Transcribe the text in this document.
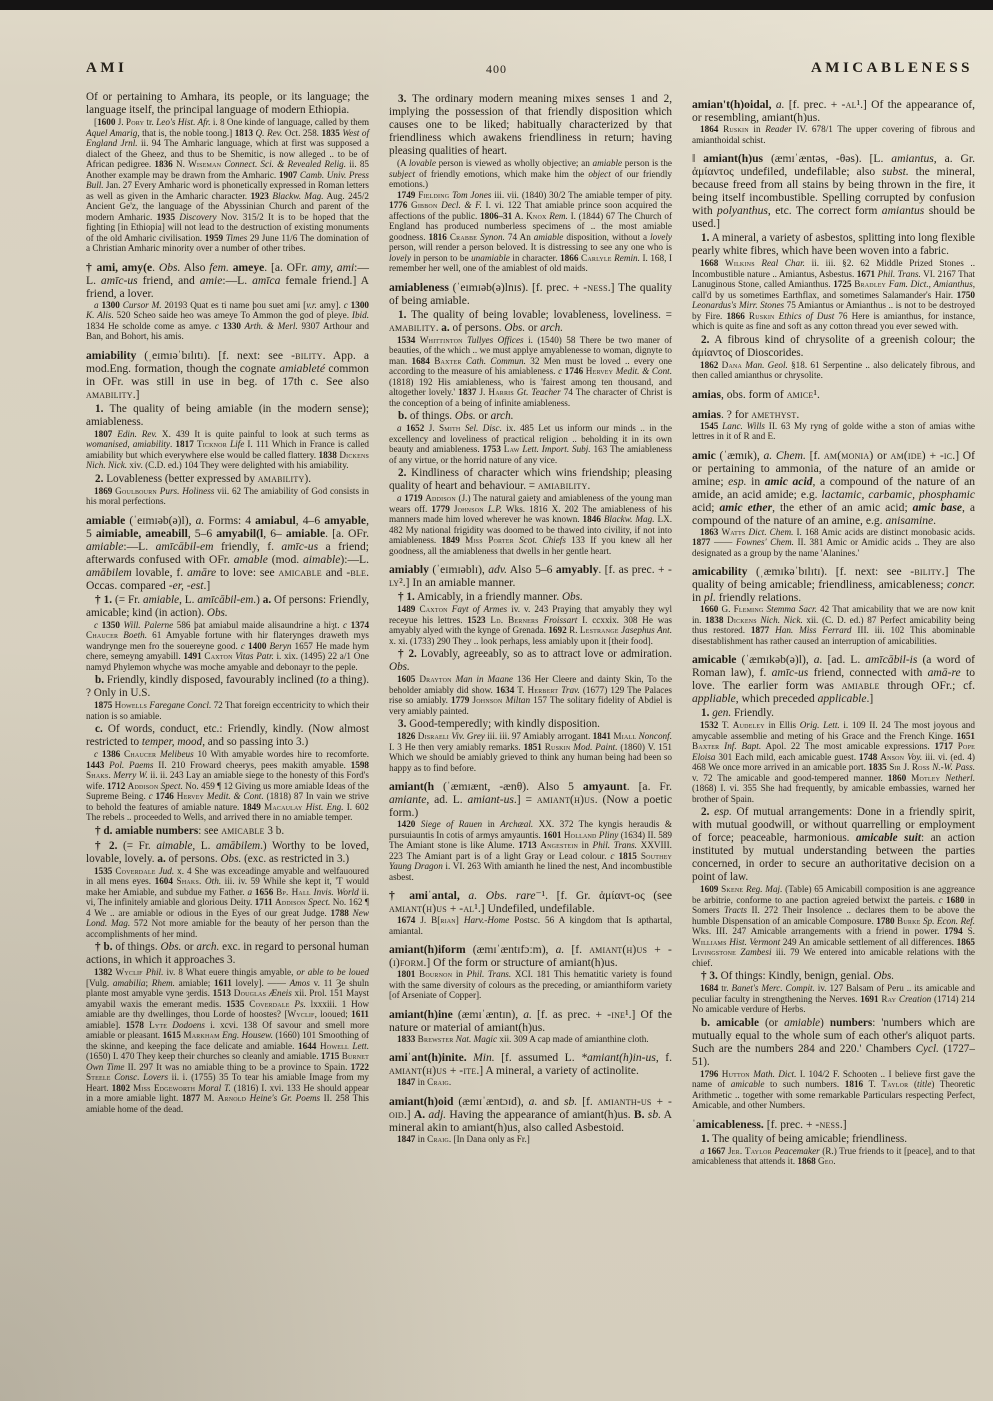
AMI	400	AMICABLENESS

Of or pertaining to Amhara, its people, or its language; the language itself, the principal language of modern Ethiopia.

[1600 J. Pory tr. Leo's Hist. Afr. i. 8 One kinde of language, called by them Aquel Amarig, that is, the noble toong.] 1813 Q. Rev. Oct. 258. 1835 West of England Jrnl. ii. 94 The Amharic language, which at first was supposed a dialect of the Gheez, and thus to be Shemitic, is now alleged .. to be of African pedigree. 1836 N. Wiseman Connect. Sci. & Revealed Relig. ii. 85 Another example may be drawn from the Amharic. 1907 Camb. Univ. Press Bull. Jan. 27 Every Amharic word is phonetically expressed in Roman letters as well as given in the Amharic character. 1923 Blackw. Mag. Aug. 245/2 Ancient Ge'z, the language of the Abyssinian Church and parent of the modern Amharic. 1935 Discovery Nov. 315/2 It is to be hoped that the fighting [in Ethiopia] will not lead to the destruction of existing monuments of the old Amharic civilisation. 1959 Times 29 June 11/6 The domination of a Christian Amharic minority over a number of other tribes.

† ami, amy(e. Obs. Also fem. ameye. [a. OFr. amy, ami:—L. amīc-us friend, and amie:—L. amīca female friend.] A friend, a lover.

a 1300 Cursor M. 20193 Quat es ti name þou suet ami [v.r. amy]. c 1300 K. Alis. 520 Scheo saide heo was ameye To Ammon the god of pleye. Ibid. 1834 He scholde come as amye. c 1330 Arth. & Merl. 9307 Arthour and Ban, and Bohort, his amis.

amiability (ˌeɪmɪəˈbɪlɪtɪ). [f. next: see -bility. App. a mod.Eng. formation, though the cognate amiableté common in OFr. was still in use in beg. of 17th c. See also amability.]

1. The quality of being amiable (in the modern sense); amiableness.

1807 Edin. Rev. X. 439 It is quite painful to look at such terms as womanised, amiability. 1817 Ticknor Life I. 111 Which in France is called amiability but which everywhere else would be called flattery. 1838 Dickens Nich. Nick. xiv. (C.D. ed.) 104 They were delighted with his amiability.

2. Lovableness (better expressed by amability).

1869 Goulbourn Purs. Holiness vii. 62 The amiability of God consists in his moral perfections.

amiable (ˈeɪmɪəb(ə)l), a. Forms: 4 amiabul, 4–6 amyable, 5 aimiable, ameabill, 5–6 amyabil(l, 6– amiable. [a. OFr. amiable:—L. amīcābil-em friendly, f. amīc-us a friend; afterwards confused with OFr. amable (mod. aimable):—L. amābilem lovable, f. amāre to love: see amicable and -ble. Occas. compared -er, -est.]

† 1. (= Fr. amiable, L. amīcābil-em.) a. Of persons: Friendly, amicable; kind (in action). Obs.

c 1350 Will. Palerne 586 þat amiabul maide alisaundrine a hiȝt. c 1374 Chaucer Boeth. 61 Amyable fortune with hir flaterynges draweth mys wandrynge men fro the souereyne good. c 1400 Beryn 1657 He made hym chere, semeyng amyabill. 1491 Caxton Vitas Patr. i. xix. (1495) 22 a/1 One namyd Phylemon whyche was moche amyable and debonayr to the peple.

b. Friendly, kindly disposed, favourably inclined (to a thing). ? Only in U.S.

1875 Howells Faregane Concl. 72 That foreign eccentricity to which their nation is so amiable.

c. Of words, conduct, etc.: Friendly, kindly. (Now almost restricted to temper, mood, and so passing into 3.)

c 1386 Chaucer Melibeus 10 With amyable wordes hire to recomforte. 1443 Pol. Paems II. 210 Froward cheerys, pees makith amyable. 1598 Shaks. Merry W. ii. ii. 243 Lay an amiable siege to the honesty of this Ford's wife. 1712 Addison Spect. No. 459 ¶ 12 Giving us more amiable Ideas of the Supreme Being. c 1746 Hervey Medit. & Cont. (1818) 87 In vain we strive to behold the features of amiable nature. 1849 Macaulay Hist. Eng. I. 602 The rebels .. proceeded to Wells, and arrived there in no amiable temper.

† d. amiable numbers: see amicable 3 b.

† 2. (= Fr. aimable, L. amābilem.) Worthy to be loved, lovable, lovely. a. of persons. Obs. (exc. as restricted in 3.)

1535 Coverdale Jud. x. 4 She was exceadinge amyable and welfauoured in all mens eyes. 1604 Shaks. Oth. iii. iv. 59 While she kept it, 'T would make her Amiable, and subdue my Father. a 1656 Bp. Hall Invis. World ii. vi, The infinitely amiable and glorious Deity. 1711 Addison Spect. No. 162 ¶ 4 We .. are amiable or odious in the Eyes of our great Judge. 1788 New Lond. Mag. 572 Not more amiable for the beauty of her person than the accomplishments of her mind.

† b. of things. Obs. or arch. exc. in regard to personal human actions, in which it approaches 3.

1382 Wyclif Phil. iv. 8 What euere thingis amyable, or able to be loued [Vulg. amabilia; Rhem. amiable; 1611 lovely]. —— Amos v. 11 Ȝe shuln plante most amyable vyne ȝerdis. 1513 Douglas Æneis xii. Prol. 151 Mayst amyabil waxis the emerant medis. 1535 Coverdale Ps. lxxxiii. 1 How amiable are thy dwellinges, thou Lorde of hoostes? [Wyclif, looued; 1611 amiable]. 1578 Lyte Dodoens i. xcvi. 138 Of savour and smell more amiable or pleasant. 1615 Markham Eng. Housew. (1660) 101 Smoothing of the skinne, and keeping the face delicate and amiable. 1644 Howell Lett. (1650) I. 470 They keep their churches so cleanly and amiable. 1715 Burnet Own Time II. 297 It was no amiable thing to be a province to Spain. 1722 Steele Consc. Lovers ii. i. (1755) 35 To tear his amiable Image from my Heart. 1802 Miss Edgeworth Moral T. (1816) I. xvi. 133 He should appear in a more amiable light. 1877 M. Arnold Heine's Gr. Poems II. 258 This amiable home of the dead.

3. The ordinary modern meaning mixes senses 1 and 2, implying the possession of that friendly disposition which causes one to be liked; habitually characterized by that friendliness which awakens friendliness in return; having pleasing qualities of heart.

(A lovable person is viewed as wholly objective; an amiable person is the subject of friendly emotions, which make him the object of our friendly emotions.)

1749 Fielding Tom Jones iii. vii. (1840) 30/2 The amiable temper of pity. 1776 Gibbon Decl. & F. I. vi. 122 That amiable prince soon acquired the affections of the public. 1806–31 A. Knox Rem. I. (1844) 67 The Church of England has produced numberless specimens of .. the most amiable goodness. 1816 Crabbe Synon. 74 An amiable disposition, without a lovely person, will render a person beloved. It is distressing to see any one who is lovely in person to be unamiable in character. 1866 Carlyle Remin. I. 168, I remember her well, one of the amiablest of old maids.

amiableness (ˈeɪmɪəb(ə)lnɪs). [f. prec. + -ness.] The quality of being amiable.

1. The quality of being lovable; lovableness, loveliness. = amability. a. of persons. Obs. or arch.

1534 Whittinton Tullyes Offices i. (1540) 58 There be two maner of beauties, of the which .. we must applye amyablenesse to woman, dignyte to man. 1684 Baxter Cath. Commun. 32 Men must be loved .. every one according to the measure of his amiableness. c 1746 Hervey Medit. & Cont. (1818) 192 His amiableness, who is 'fairest among ten thousand, and altogether lovely.' 1837 J. Harris Gt. Teacher 74 The character of Christ is the conception of a being of infinite amiableness.

b. of things. Obs. or arch.

a 1652 J. Smith Sel. Disc. ix. 485 Let us inform our minds .. in the excellency and loveliness of practical religion .. beholding it in its own beauty and amiableness. 1753 Law Lett. Import. Subj. 163 The amiableness of any virtue, or the horrid nature of any vice.

2. Kindliness of character which wins friendship; pleasing quality of heart and behaviour. = amiability.

a 1719 Addison (J.) The natural gaiety and amiableness of the young man wears off. 1779 Johnson L.P. Wks. 1816 X. 202 The amiableness of his manners made him loved wherever he was known. 1846 Blackw. Mag. LX. 482 My national frigidity was doomed to be thawed into civility, if not into amiableness. 1849 Miss Porter Scot. Chiefs 133 If you knew all her goodness, all the amiableness that dwells in her gentle heart.

amiably (ˈeɪmɪəblɪ), adv. Also 5–6 amyably. [f. as prec. + -ly².] In an amiable manner.

† 1. Amicably, in a friendly manner. Obs.

1489 Caxton Fayt of Armes iv. v. 243 Praying that amyably they wyl receyue his lettres. 1523 Ld. Berners Froissart I. ccxxix. 308 He was amyably alyed with the kynge of Grenada. 1692 R. Lestrange Jasephus Ant. x. xi. (1733) 290 They .. look perhaps, less amiably upon it [their food].

† 2. Lovably, agreeably, so as to attract love or admiration. Obs.

1605 Drayton Man in Maane 136 Her Cleere and dainty Skin, To the beholder amiably did show. 1634 T. Herbert Trav. (1677) 129 The Palaces rise so amiably. 1779 Johnson Miltan 157 The solitary fidelity of Abdiel is very amiably painted.

3. Good-temperedly; with kindly disposition.

1826 Disraeli Viv. Grey iii. iii. 97 Amiably arrogant. 1841 Miall Nonconf. I. 3 He then very amiably remarks. 1851 Ruskin Mod. Paint. (1860) V. 151 Which we should be amiably grieved to think any human being had been so happy as to find before.

amiant(h (ˈæmɪænt, -ænθ). Also 5 amyaunt. [a. Fr. amiante, ad. L. amiant-us.] = amiant(h)us. (Now a poetic form.)

1420 Siege of Rauen in Archæal. XX. 372 The kyngis heraudis & pursuiauntis In cotis of armys amyauntis. 1601 Holland Pliny (1634) II. 589 The Amiant stone is like Alume. 1713 Angestein in Phil. Trans. XXVIII. 223 The Amiant part is of a light Gray or Lead colour. c 1815 Southey Yaung Dragon i. VI. 263 With amianth he lined the nest, And incombustible asbest.

† amiˈantal, a. Obs. rare⁻¹. [f. Gr. ἀμίαντ-ος (see amiant(h)us + -al¹.] Undefiled, undefilable.

1674 J. B[rian] Harv.-Home Postsc. 56 A kingdom that Is apthartal, amiantal.

amiant(h)iform (æmɪˈæntɪfɔːm), a. [f. amiant(h)us + -(i)form.] Of the form or structure of amiant(h)us.

1801 Bournon in Phil. Trans. XCI. 181 This hematitic variety is found with the same diversity of colours as the preceding, or amianthiform variety [of Arseniate of Copper].

amiant(h)ine (æmɪˈæntɪn), a. [f. as prec. + -ine¹.] Of the nature or material of amiant(h)us.

1833 Brewster Nat. Magic xii. 309 A cap made of amianthine cloth.

amiˈant(h)inite. Min. [f. assumed L. *amiant(h)in-us, f. amiant(h)us + -ite.] A mineral, a variety of actinolite.

1847 in Craig.

amiant(h)oid (æmɪˈæntɔɪd), a. and sb. [f. amianth-us + -oid.] A. adj. Having the appearance of amiant(h)us. B. sb. A mineral akin to amiant(h)us, also called Asbestoid.

1847 in Craig. [In Dana only as Fr.]

amian't(h)oidal, a. [f. prec. + -al¹.] Of the appearance of, or resembling, amiant(h)us.

1864 Ruskin in Reader IV. 678/1 The upper covering of fibrous and amianthoidal schist.

‖ amiant(h)us (æmɪˈæntəs, -θəs). [L. amiantus, a. Gr. ἀμίαντος undefiled, undefilable; also subst. the mineral, because freed from all stains by being thrown in the fire, it being itself incombustible. Spelling corrupted by confusion with polyanthus, etc. The correct form amiantus should be used.]

1. A mineral, a variety of asbestos, splitting into long flexible pearly white fibres, which have been woven into a fabric.

1668 Wilkins Real Char. ii. iii. §2. 62 Middle Prized Stones .. Incombustible nature .. Amiantus, Asbestus. 1671 Phil. Trans. VI. 2167 That Lanuginous Stone, called Amianthus. 1725 Bradley Fam. Dict., Amianthus, call'd by us sometimes Earthflax, and sometimes Salamander's Hair. 1750 Leonardus's Mirr. Stones 75 Amiantus or Amianthus .. is not to be destroyed by Fire. 1866 Ruskin Ethics of Dust 76 Here is amianthus, for instance, which is quite as fine and soft as any cotton thread you ever sewed with.

2. A fibrous kind of chrysolite of a greenish colour; the ἀμίαντος of Dioscorides.

1862 Dana Man. Geol. §18. 61 Serpentine .. also delicately fibrous, and then called amianthus or chrysolite.

amias, obs. form of amice¹.

amias. ? for amethyst.

1545 Lanc. Wills II. 63 My ryng of golde withe a ston of amias withe lettres in it of R and E.

amic (ˈæmɪk), a. Chem. [f. am(monia) or am(ide) + -ic.] Of or pertaining to ammonia, of the nature of an amide or amine; esp. in amic acid, a compound of the nature of an amide, an acid amide; e.g. lactamic, carbamic, phosphamic acid; amic ether, the ether of an amic acid; amic base, a compound of the nature of an amine, e.g. anisamine.

1863 Watts Dict. Chem. I. 168 Amic acids are distinct monobasic acids. 1877 —— Fownes' Chem. II. 381 Amic or Amidic acids .. They are also designated as a group by the name 'Alanines.'

amicability (ˌæmɪkəˈbɪlɪtɪ). [f. next: see -bility.] The quality of being amicable; friendliness, amicableness; concr. in pl. friendly relations.

1660 G. Fleming Stemma Sacr. 42 That amicability that we are now knit in. 1838 Dickens Nich. Nick. xii. (C. D. ed.) 87 Perfect amicability being thus restored. 1877 Han. Miss Ferrard III. iii. 102 This abominable disestablishment has rather caused an interruption of amicabilities.

amicable (ˈæmɪkəb(ə)l), a. [ad. L. amīcābil-is (a word of Roman law), f. amīc-us friend, connected with amā-re to love. The earlier form was amiable through OFr.; cf. appliable, which preceded applicable.]

1. gen. Friendly.

1532 T. Audeley in Ellis Orig. Lett. i. 109 II. 24 The most joyous and amycable assemblie and meting of his Grace and the French Kinge. 1651 Baxter Inf. Bapt. Apol. 22 The most amicable expressions. 1717 Pope Eloisa 301 Each mild, each amicable guest. 1748 Anson Voy. iii. vi. (ed. 4) 468 We once more arrived in an amicable port. 1835 Sir J. Ross N.-W. Pass. v. 72 The amicable and good-tempered manner. 1860 Motley Netherl. (1868) I. vi. 355 She had frequently, by amicable embassies, warned her brother of Spain.

2. esp. Of mutual arrangements: Done in a friendly spirit, with mutual goodwill, or without quarrelling or employment of force; peaceable, harmonious. amicable suit: an action instituted by mutual understanding between the parties concerned, in order to secure an authoritative decision on a point of law.

1609 Skene Reg. Maj. (Table) 65 Amicabill composition is ane aggreance be arbitrie, conforme to ane paction agreied betwixt the parteis. c 1680 in Somers Tracts II. 272 Their Insolence .. declares them to be above the humble Dispensation of an amicable Composure. 1780 Burke Sp. Econ. Ref. Wks. III. 247 Amicable arrangements with a friend in power. 1794 S. Williams Hist. Vermont 249 An amicable settlement of all differences. 1865 Livingstone Zambesi iii. 79 We entered into amicable relations with the chief.

† 3. Of things: Kindly, benign, genial. Obs.

1684 tr. Banet's Merc. Compit. iv. 127 Balsam of Peru .. its amicable and peculiar faculty in strengthening the Nerves. 1691 Ray Creation (1714) 214 No amicable verdure of Herbs.

b. amicable (or amiable) numbers: 'numbers which are mutually equal to the whole sum of each other's aliquot parts. Such are the numbers 284 and 220.' Chambers Cycl. (1727–51).

1796 Hutton Math. Dict. I. 104/2 F. Schooten .. I believe first gave the name of amicable to such numbers. 1816 T. Taylor (title) Theoretic Arithmetic .. together with some remarkable Particulars respecting Perfect, Amicable, and other Numbers.

ˈamicableness. [f. prec. + -ness.]

1. The quality of being amicable; friendliness.

a 1667 Jer. Taylor Peacemaker (R.) True friends to it [peace], and to that amicableness that attends it. 1868 Geo.
